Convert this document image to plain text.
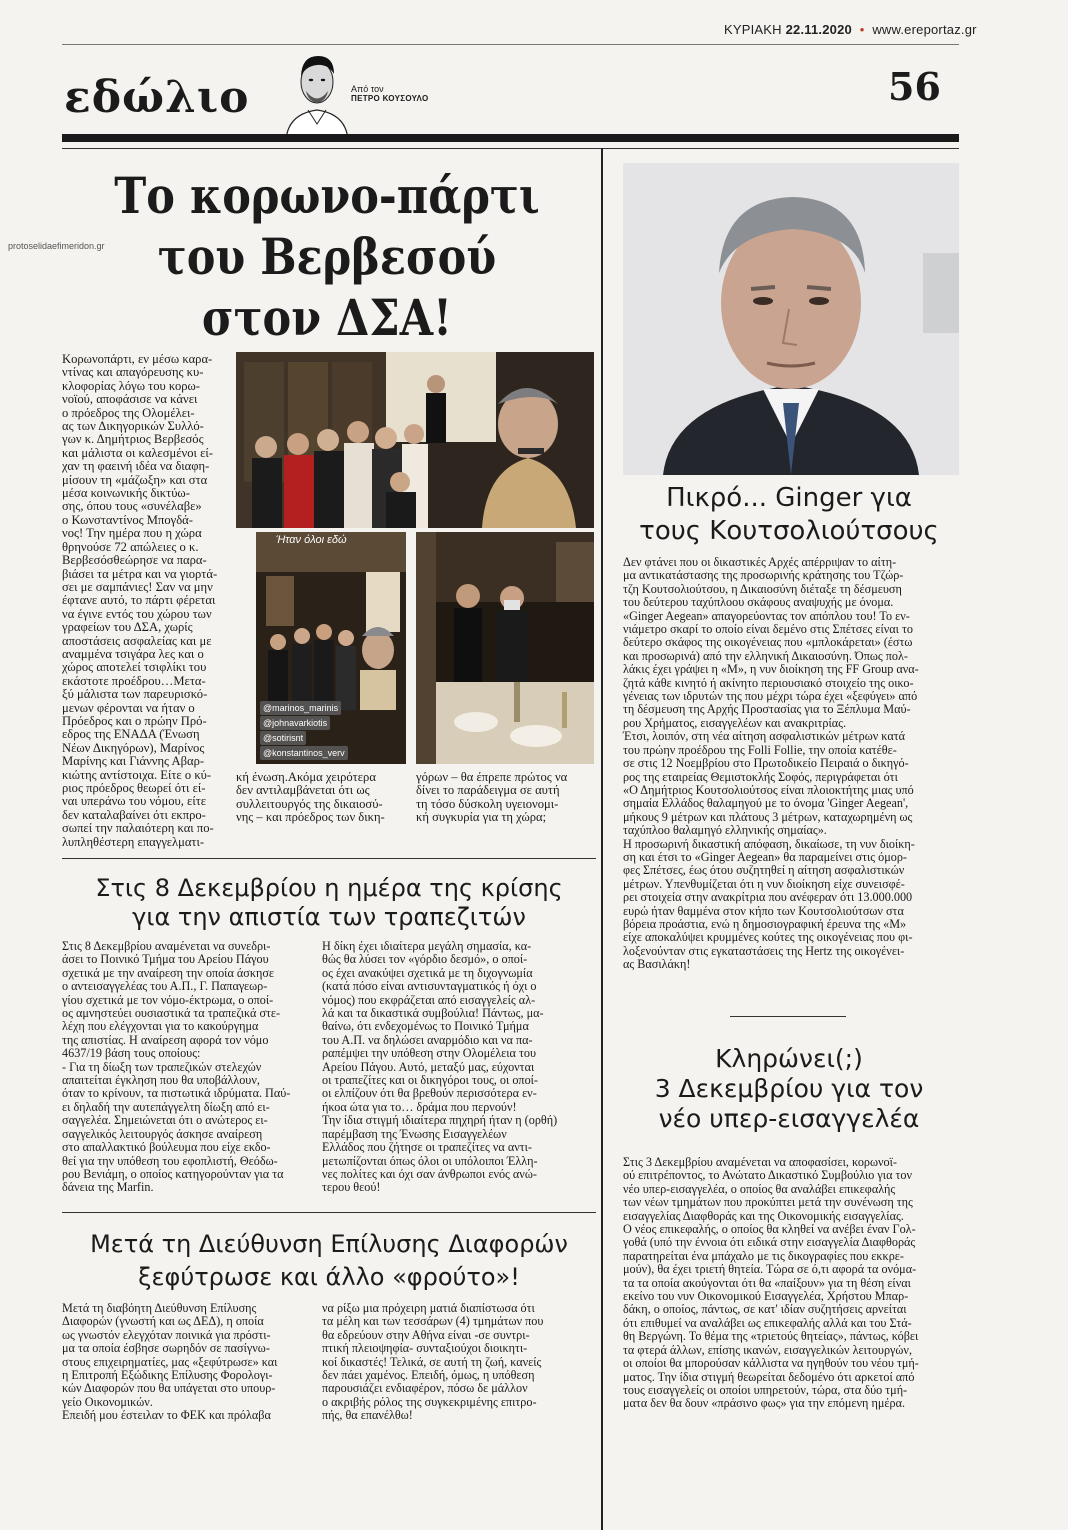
ΚΥΡΙΑΚΗ 22.11.2020 • www.ereportaz.gr
εδώλιο	Από τον
ΠΕΤΡΟ ΚΟΥΣΟΥΛΟ	56
protoselidaefimeridon.gr
Το κορωνο-πάρτι
του Βερβεσού
στον ΔΣΑ!
Κορωνοπάρτι, εν μέσω καρα-
ντίνας και απαγόρευσης κυ-
κλοφορίας λόγω του κορω-
νοϊού, αποφάσισε να κάνει
ο πρόεδρος της Ολομέλει-
ας των Δικηγορικών Συλλό-
γων κ. Δημήτριος Βερβεσός
και μάλιστα οι καλεσμένοι εί-
χαν τη φαεινή ιδέα να διαφη-
μίσουν τη «μάζωξη» και στα
μέσα κοινωνικής δικτύω-
σης, όπου τους «συνέλαβε»
ο Κωνσταντίνος Μπογδά-
νος! Την ημέρα που η χώρα
θρηνούσε 72 απώλειες ο κ.
Βερβεσόσθεώρησε να παρα-
βιάσει τα μέτρα και να γιορτά-
σει με σαμπάνιες! Σαν να μην
έφτανε αυτό, το πάρτι φέρεται
να έγινε εντός του χώρου των
γραφείων του ΔΣΑ, χωρίς
αποστάσεις ασφαλείας και με
αναμμένα τσιγάρα λες και ο
χώρος αποτελεί τσιφλίκι του
εκάστοτε προέδρου…Μετα-
ξύ μάλιστα των παρευρισκό-
μενων φέρονται να ήταν ο
Πρόεδρος και ο πρώην Πρό-
εδρος της ΕΝΑΔΑ (Ένωση
Νέων Δικηγόρων), Μαρίνος
Μαρίνης και Γιάννης Αβαρ-
κιώτης αντίστοιχα. Είτε ο κύ-
ριος πρόεδρος θεωρεί ότι εί-
ναι υπεράνω του νόμου, είτε
δεν καταλαβαίνει ότι εκπρο-
σωπεί την παλαιότερη και πο-
λυπληθέστερη επαγγελματι-
Ήταν όλοι εδώ
@marinos_marinis
@johnavarkiotis
@sotirisnt
@konstantinos_verv
κή ένωση.Ακόμα χειρότερα
δεν αντιλαμβάνεται ότι ως
συλλειτουργός της δικαιοσύ-
νης – και πρόεδρος των δικη-
γόρων – θα έπρεπε πρώτος να
δίνει το παράδειγμα σε αυτή
τη τόσο δύσκολη υγειονομι-
κή συγκυρία για τη χώρα;
Πικρό... Ginger για
τους Κουτσολιούτσους
Δεν φτάνει που οι δικαστικές Αρχές απέρριψαν το αίτη-
μα αντικατάστασης της προσωρινής κράτησης του Τζώρ-
τζη Κουτσολιούτσου, η Δικαιοσύνη διέταξε τη δέσμευση
του δεύτερου ταχύπλοου σκάφους αναψυχής με όνομα.
«Ginger Aegean» απαγορεύοντας τον απόπλου του! Το εν-
νιάμετρο σκαρί το οποίο είναι δεμένο στις Σπέτσες είναι το
δεύτερο σκάφος της οικογένειας που «μπλοκάρεται» (έστω
και προσωρινά) από την ελληνική Δικαιοσύνη. Όπως πολ-
λάκις έχει γράψει η «Μ», η νυν διοίκηση της FF Group ανα-
ζητά κάθε κινητό ή ακίνητο περιουσιακό στοιχείο της οικο-
γένειας των ιδρυτών της που μέχρι τώρα έχει «ξεφύγει» από
τη δέσμευση της Αρχής Προστασίας για το Ξέπλυμα Μαύ-
ρου Χρήματος, εισαγγελέων και ανακριτρίας.
Έτσι, λοιπόν, στη νέα αίτηση ασφαλιστικών μέτρων κατά
του πρώην προέδρου της Folli Follie, την οποία κατέθε-
σε στις 12 Νοεμβρίου στο Πρωτοδικείο Πειραιά ο δικηγό-
ρος της εταιρείας Θεμιστοκλής Σοφός, περιγράφεται ότι
«Ο Δημήτριος Κουτσολιούτσος είναι πλοιοκτήτης μιας υπό
σημαία Ελλάδος θαλαμηγού με το όνομα 'Ginger Aegean',
μήκους 9 μέτρων και πλάτους 3 μέτρων, καταχωρημένη ως
ταχύπλοο θαλαμηγό ελληνικής σημαίας».
Η προσωρινή δικαστική απόφαση, δικαίωσε, τη νυν διοίκη-
ση και έτσι το «Ginger Aegean» θα παραμείνει στις όμορ-
φες Σπέτσες, έως ότου συζητηθεί η αίτηση ασφαλιστικών
μέτρων. Υπενθυμίζεται ότι η νυν διοίκηση είχε συνεισφέ-
ρει στοιχεία στην ανακρίτρια που ανέφεραν ότι 13.000.000
ευρώ ήταν θαμμένα στον κήπο των Κουτσολιούτσων στα
βόρεια προάστια, ενώ η δημοσιογραφική έρευνα της «Μ»
είχε αποκαλύψει κρυμμένες κούτες της οικογένειας που φι-
λοξενούνταν στις εγκαταστάσεις της Hertz της οικογένει-
ας Βασιλάκη!
Κληρώνει(;)
3 Δεκεμβρίου για τον
νέο υπερ-εισαγγελέα
Στις 3 Δεκεμβρίου αναμένεται να αποφασίσει, κορωνοϊ-
ού επιτρέποντος, το Ανώτατο Δικαστικό Συμβούλιο για τον
νέο υπερ-εισαγγελέα, ο οποίος θα αναλάβει επικεφαλής
των νέων τμημάτων που προκύπτει μετά την συνένωση της
εισαγγελίας Διαφθοράς και της Οικονομικής εισαγγελίας.
Ο νέος επικεφαλής, ο οποίος θα κληθεί να ανέβει έναν Γολ-
γοθά (υπό την έννοια ότι ειδικά στην εισαγγελία Διαφθοράς
παρατηρείται ένα μπάχαλο με τις δικογραφίες που εκκρε-
μούν), θα έχει τριετή θητεία. Τώρα σε ό,τι αφορά τα ονόμα-
τα τα οποία ακούγονται ότι θα «παίξουν» για τη θέση είναι
εκείνο του νυν Οικονομικού Εισαγγελέα, Χρήστου Μπαρ-
δάκη, ο οποίος, πάντως, σε κατ' ιδίαν συζητήσεις αρνείται
ότι επιθυμεί να αναλάβει ως επικεφαλής αλλά και του Στά-
θη Βεργώνη. Το θέμα της «τριετούς θητείας», πάντως, κόβει
τα φτερά άλλων, επίσης ικανών, εισαγγελικών λειτουργών,
οι οποίοι θα μπορούσαν κάλλιστα να ηγηθούν του νέου τμή-
ματος. Την ίδια στιγμή θεωρείται δεδομένο ότι αρκετοί από
τους εισαγγελείς οι οποίοι υπηρετούν, τώρα, στα δύο τμή-
ματα δεν θα δουν «πράσινο φως» για την επόμενη ημέρα.
Στις 8 Δεκεμβρίου η ημέρα της κρίσης
για την απιστία των τραπεζιτών
Στις 8 Δεκεμβρίου αναμένεται να συνεδρι-
άσει το Ποινικό Τμήμα του Αρείου Πάγου
σχετικά με την αναίρεση την οποία άσκησε
ο αντεισαγγελέας του Α.Π., Γ. Παπαγεωρ-
γίου σχετικά με τον νόμο-έκτρωμα, ο οποί-
ος αμνηστεύει ουσιαστικά τα τραπεζικά στε-
λέχη που ελέγχονται για το κακούργημα
της απιστίας. Η αναίρεση αφορά τον νόμο
4637/19 βάση τους οποίους:
- Για τη δίωξη των τραπεζικών στελεχών
απαιτείται έγκληση που θα υποβάλλουν,
όταν το κρίνουν, τα πιστωτικά ιδρύματα. Παύ-
ει δηλαδή την αυτεπάγγελτη δίωξη από ει-
σαγγελέα. Σημειώνεται ότι ο ανώτερος ει-
σαγγελικός λειτουργός άσκησε αναίρεση
στο απαλλακτικό βούλευμα που είχε εκδο-
θεί για την υπόθεση του εφοπλιστή, Θεόδω-
ρου Βενιάμη, ο οποίος κατηγορούνταν για τα
δάνεια της Marfin.
Η δίκη έχει ιδιαίτερα μεγάλη σημασία, κα-
θώς θα λύσει τον «γόρδιο δεσμό», ο οποί-
ος έχει ανακύψει σχετικά με τη διχογνωμία
(κατά πόσο είναι αντισυνταγματικός ή όχι ο
νόμος) που εκφράζεται από εισαγγελείς αλ-
λά και τα δικαστικά συμβούλια! Πάντως, μα-
θαίνω, ότι ενδεχομένως το Ποινικό Τμήμα
του Α.Π. να δηλώσει αναρμόδιο και να πα-
ραπέμψει την υπόθεση στην Ολομέλεια του
Αρείου Πάγου. Αυτό, μεταξύ μας, εύχονται
οι τραπεζίτες και οι δικηγόροι τους, οι οποί-
οι ελπίζουν ότι θα βρεθούν περισσότερα εν-
ήκοα ώτα για το… δράμα που περνούν!
Την ίδια στιγμή ιδιαίτερα πηχηρή ήταν η (ορθή)
παρέμβαση της Ένωσης Εισαγγελέων
Ελλάδος που ζήτησε οι τραπεζίτες να αντι-
μετωπίζονται όπως όλοι οι υπόλοιποι Έλλη-
νες πολίτες και όχι σαν άνθρωποι ενός ανώ-
τερου θεού!
Μετά τη Διεύθυνση Επίλυσης Διαφορών
ξεφύτρωσε και άλλο «φρούτο»!
Μετά τη διαβόητη Διεύθυνση Επίλυσης
Διαφορών (γνωστή και ως ΔΕΔ), η οποία
ως γνωστόν ελεγχόταν ποινικά για πρόστι-
μα τα οποία έσβησε σωρηδόν σε πασίγνω-
στους επιχειρηματίες, μας «ξεφύτρωσε» και
η Επιτροπή Εξώδικης Επίλυσης Φορολογι-
κών Διαφορών που θα υπάγεται στο υπουρ-
γείο Οικονομικών.
Επειδή μου έστειλαν το ΦΕΚ και πρόλαβα
να ρίξω μια πρόχειρη ματιά διαπίστωσα ότι
τα μέλη και των τεσσάρων (4) τμημάτων που
θα εδρεύουν στην Αθήνα είναι -σε συντρι-
πτική πλειοψηφία- συνταξιούχοι διοικητι-
κοί δικαστές! Τελικά, σε αυτή τη ζωή, κανείς
δεν πάει χαμένος. Επειδή, όμως, η υπόθεση
παρουσιάζει ενδιαφέρον, πόσω δε μάλλον
ο ακριβής ρόλος της συγκεκριμένης επιτρο-
πής, θα επανέλθω!
